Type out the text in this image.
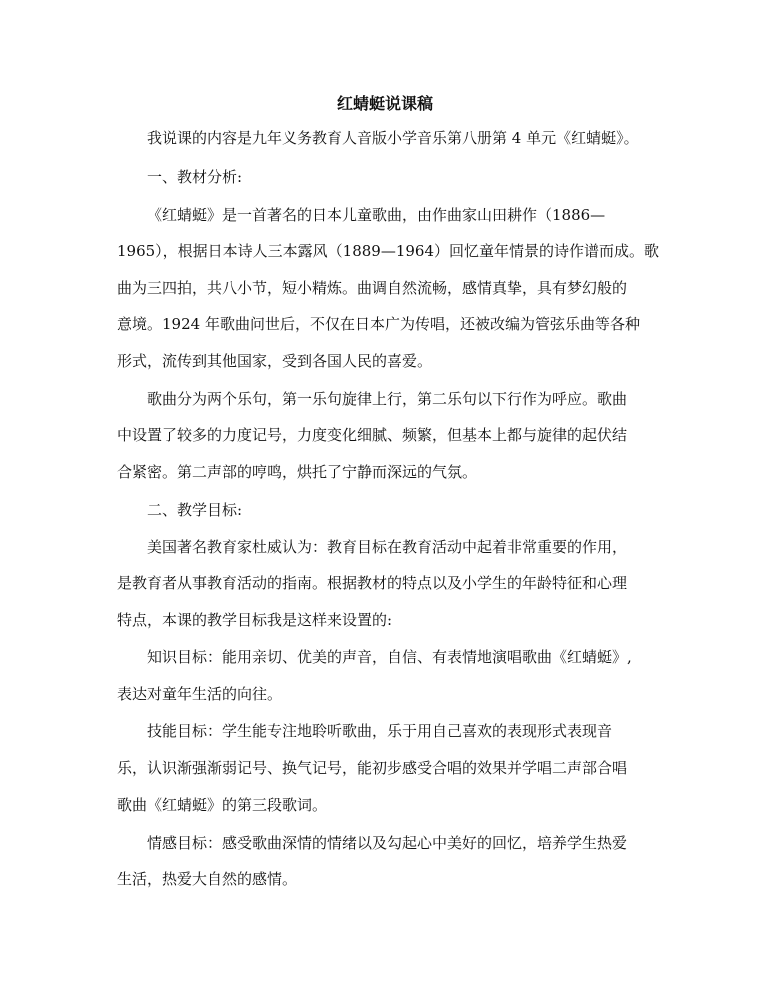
红蜻蜓说课稿
我说课的内容是九年义务教育人音版小学音乐第八册第 4 单元《红蜻蜓》。
一、教材分析:
《红蜻蜓》是一首著名的日本儿童歌曲，由作曲家山田耕作（1886—
1965），根据日本诗人三本露风（1889—1964）回忆童年情景的诗作谱而成。歌
曲为三四拍，共八小节，短小精炼。曲调自然流畅，感情真挚，具有梦幻般的
意境。1924 年歌曲问世后，不仅在日本广为传唱，还被改编为管弦乐曲等各种
形式，流传到其他国家，受到各国人民的喜爱。
歌曲分为两个乐句，第一乐句旋律上行，第二乐句以下行作为呼应。歌曲
中设置了较多的力度记号，力度变化细腻、频繁，但基本上都与旋律的起伏结
合紧密。第二声部的哼鸣，烘托了宁静而深远的气氛。
二、教学目标:
美国著名教育家杜威认为：教育目标在教育活动中起着非常重要的作用，
是教育者从事教育活动的指南。根据教材的特点以及小学生的年龄特征和心理
特点，本课的教学目标我是这样来设置的:
知识目标：能用亲切、优美的声音，自信、有表情地演唱歌曲《红蜻蜓》,
表达对童年生活的向往。
技能目标：学生能专注地聆听歌曲，乐于用自己喜欢的表现形式表现音
乐，认识渐强渐弱记号、换气记号，能初步感受合唱的效果并学唱二声部合唱
歌曲《红蜻蜓》的第三段歌词。
情感目标：感受歌曲深情的情绪以及勾起心中美好的回忆，培养学生热爱
生活，热爱大自然的感情。
